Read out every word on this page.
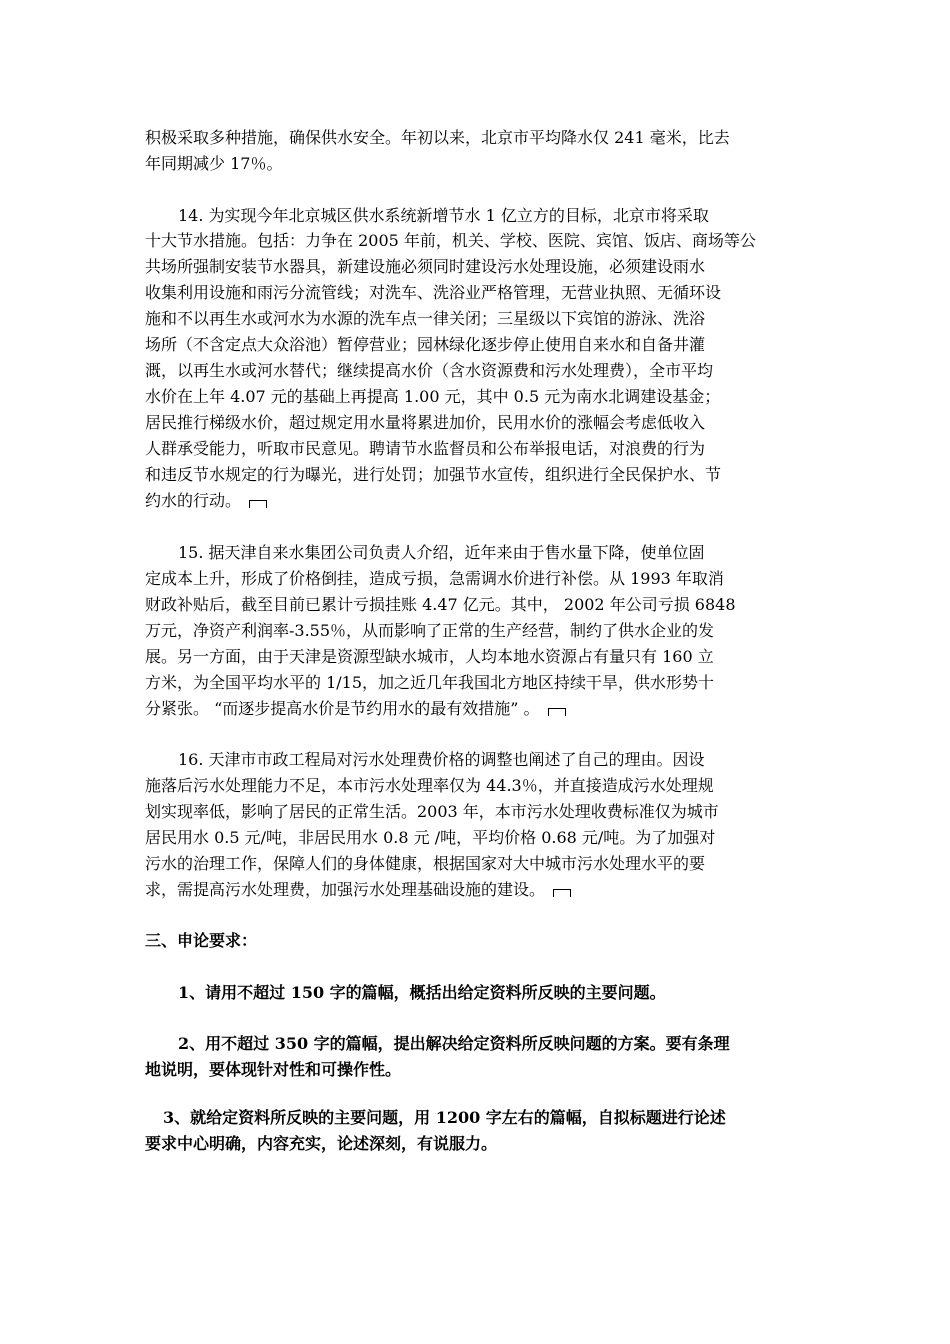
积极采取多种措施，确保供水安全。年初以来，北京市平均降水仅 241 毫米，比去
年同期减少 17％。
14. 为实现今年北京城区供水系统新增节水 1 亿立方的目标，北京市将采取
十大节水措施。包括：力争在 2005 年前，机关、学校、医院、宾馆、饭店、商场等公
共场所强制安装节水器具，新建设施必须同时建设污水处理设施，必须建设雨水
收集利用设施和雨污分流管线；对洗车、洗浴业严格管理，无营业执照、无循环设
施和不以再生水或河水为水源的洗车点一律关闭；三星级以下宾馆的游泳、洗浴
场所（不含定点大众浴池）暂停营业；园林绿化逐步停止使用自来水和自备井灌
溉，以再生水或河水替代；继续提高水价（含水资源费和污水处理费），全市平均
水价在上年 4.07 元的基础上再提高 1.00 元，其中 0.5 元为南水北调建设基金；
居民推行梯级水价，超过规定用水量将累进加价，民用水价的涨幅会考虑低收入
人群承受能力，听取市民意见。聘请节水监督员和公布举报电话，对浪费的行为
和违反节水规定的行为曝光，进行处罚；加强节水宣传，组织进行全民保护水、节
约水的行动。
15. 据天津自来水集团公司负责人介绍，近年来由于售水量下降，使单位固
定成本上升，形成了价格倒挂，造成亏损，急需调水价进行补偿。从 1993 年取消
财政补贴后，截至目前已累计亏损挂账 4.47 亿元。其中， 2002 年公司亏损 6848
万元，净资产利润率-3.55％，从而影响了正常的生产经营，制约了供水企业的发
展。另一方面，由于天津是资源型缺水城市，人均本地水资源占有量只有 160 立
方米，为全国平均水平的 1/15，加之近几年我国北方地区持续干旱，供水形势十
分紧张。 “而逐步提高水价是节约用水的最有效措施” 。
16. 天津市市政工程局对污水处理费价格的调整也阐述了自己的理由。因设
施落后污水处理能力不足，本市污水处理率仅为 44.3％，并直接造成污水处理规
划实现率低，影响了居民的正常生活。2003 年，本市污水处理收费标准仅为城市
居民用水 0.5 元/吨，非居民用水 0.8 元 /吨，平均价格 0.68 元/吨。为了加强对
污水的治理工作，保障人们的身体健康，根据国家对大中城市污水处理水平的要
求，需提高污水处理费，加强污水处理基础设施的建设。
三、申论要求：
1、请用不超过 150 字的篇幅，概括出给定资料所反映的主要问题。
2、用不超过 350 字的篇幅，提出解决给定资料所反映问题的方案。要有条理
地说明，要体现针对性和可操作性。
3、就给定资料所反映的主要问题，用 1200 字左右的篇幅，自拟标题进行论述
要求中心明确，内容充实，论述深刻，有说服力。
